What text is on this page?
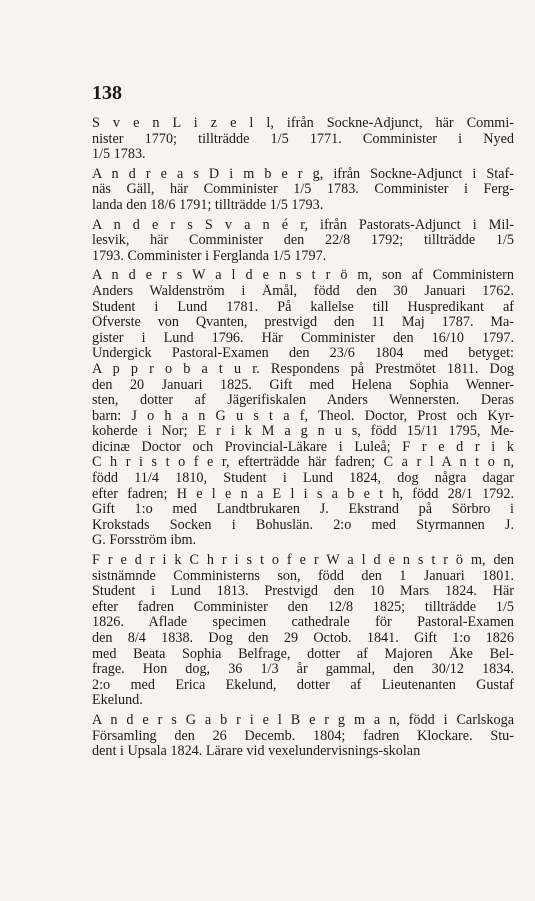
138
S v e n L i z e l l, ifrån Sockne-Adjunct, här Commi-
nister 1770; tillträdde 1/5 1771. Comminister i Nyed
1/5 1783.
A n d r e a s D i m b e r g, ifrån Sockne-Adjunct i Staf-
näs Gäll, här Comminister 1/5 1783. Comminister i Ferg-
landa den 18/6 1791; tillträdde 1/5 1793.
A n d e r s S v a n é r, ifrån Pastorats-Adjunct i Mil-
lesvik, här Comminister den 22/8 1792; tillträdde 1/5
1793. Comminister i Ferglanda 1/5 1797.
A n d e r s W a l d e n s t r ö m, son af Comministern
Anders Waldenström i Åmål, född den 30 Januari 1762.
Student i Lund 1781. På kallelse till Huspredikant af
Öfverste von Qvanten, prestvigd den 11 Maj 1787. Ma-
gister i Lund 1796. Här Comminister den 16/10 1797.
Undergick Pastoral-Examen den 23/6 1804 med betyget:
A p p r o b a t u r. Respondens på Prestmötet 1811. Dog
den 20 Januari 1825. Gift med Helena Sophia Wenner-
sten, dotter af Jägerifiskalen Anders Wennersten. Deras
barn: J o h a n G u s t a f, Theol. Doctor, Prost och Kyr-
koherde i Nor; E r i k M a g n u s, född 15/11 1795, Me-
dicinæ Doctor och Provincial-Läkare i Luleå; F r e d r i k
C h r i s t o f e r, efterträdde här fadren; C a r l A n t o n,
född 11/4 1810, Student i Lund 1824, dog några dagar
efter fadren; H e l e n a E l i s a b e t h, född 28/1 1792.
Gift 1:o med Landtbrukaren J. Ekstrand på Sörbro i
Krokstads Socken i Bohuslän. 2:o med Styrmannen J.
G. Forsström ibm.
F r e d r i k C h r i s t o f e r W a l d e n s t r ö m, den
sistnämnde Comministerns son, född den 1 Januari 1801.
Student i Lund 1813. Prestvigd den 10 Mars 1824. Här
efter fadren Comminister den 12/8 1825; tillträdde 1/5
1826. Aflade specimen cathedrale för Pastoral-Examen
den 8/4 1838. Dog den 29 Octob. 1841. Gift 1:o 1826
med Beata Sophia Belfrage, dotter af Majoren Åke Bel-
frage. Hon dog, 36 1/3 år gammal, den 30/12 1834.
2:o med Erica Ekelund, dotter af Lieutenanten Gustaf
Ekelund.
A n d e r s G a b r i e l B e r g m a n, född i Carlskoga
Församling den 26 Decemb. 1804; fadren Klockare. Stu-
dent i Upsala 1824. Lärare vid vexelundervisnings-skolan
